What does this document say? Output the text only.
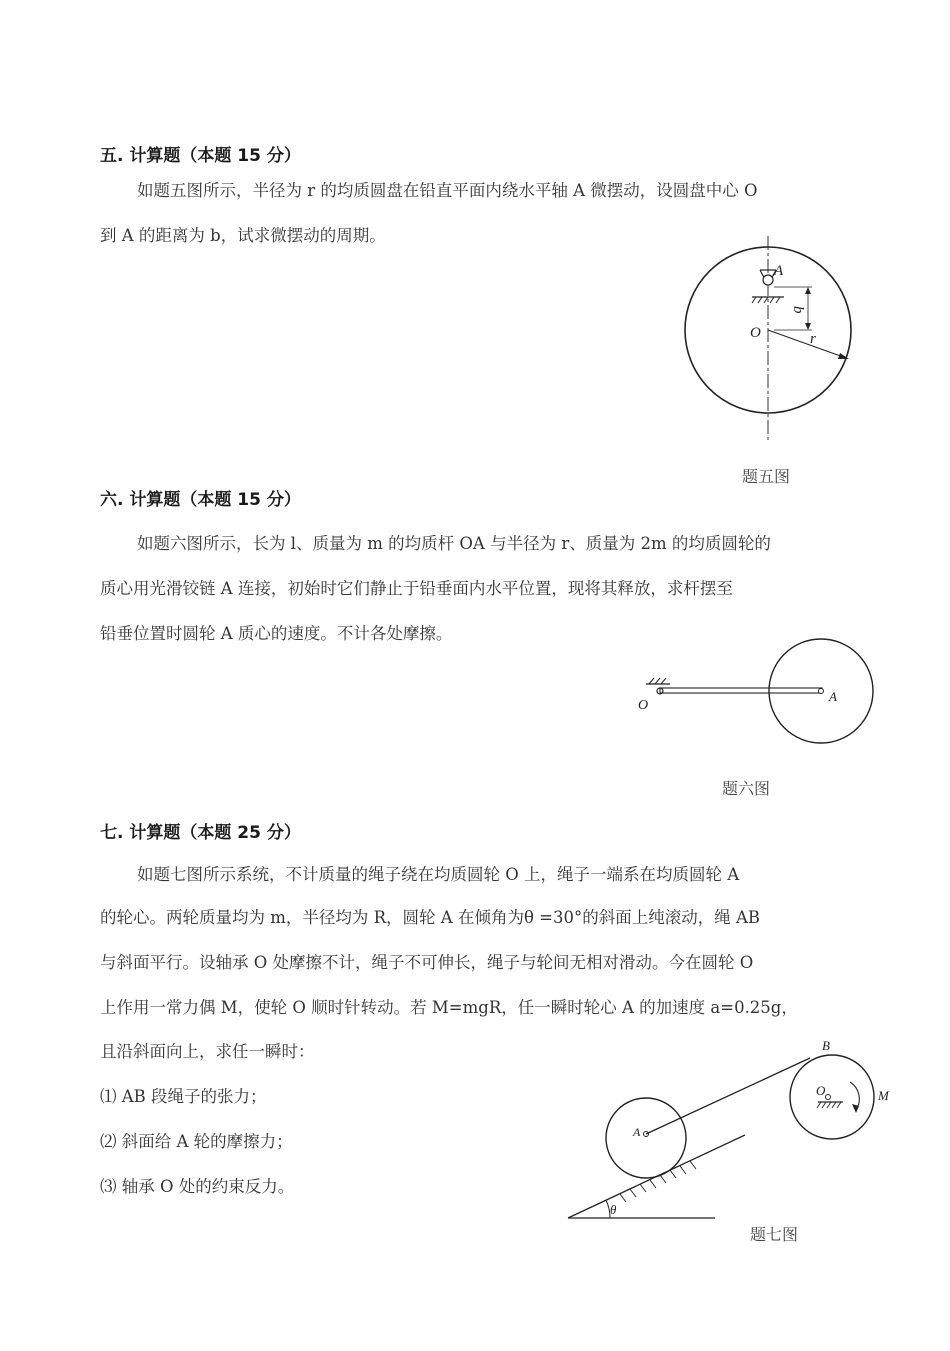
五. 计算题（本题 15 分）
如题五图所示，半径为 r 的均质圆盘在铅直平面内绕水平轴 A 微摆动，设圆盘中心 O
到 A 的距离为 b，试求微摆动的周期。
A
b
O	r
题五图
六. 计算题（本题 15 分）
如题六图所示，长为 l、质量为 m 的均质杆 OA 与半径为 r、质量为 2m 的均质圆轮的
质心用光滑铰链 A 连接，初始时它们静止于铅垂面内水平位置，现将其释放，求杆摆至
铅垂位置时圆轮 A 质心的速度。不计各处摩擦。
O
A
题六图
七. 计算题（本题 25 分）
如题七图所示系统，不计质量的绳子绕在均质圆轮 O 上，绳子一端系在均质圆轮 A
的轮心。两轮质量均为 m，半径均为 R，圆轮 A 在倾角为θ =30°的斜面上纯滚动，绳 AB
与斜面平行。设轴承 O 处摩擦不计，绳子不可伸长，绳子与轮间无相对滑动。今在圆轮 O
上作用一常力偶 M，使轮 O 顺时针转动。若 M=mgR，任一瞬时轮心 A 的加速度 a=0.25g，
且沿斜面向上，求任一瞬时：
⑴ AB 段绳子的张力；
⑵ 斜面给 A 轮的摩擦力；
⑶ 轴承 O 处的约束反力。
θ
A
O
B
M
题七图
